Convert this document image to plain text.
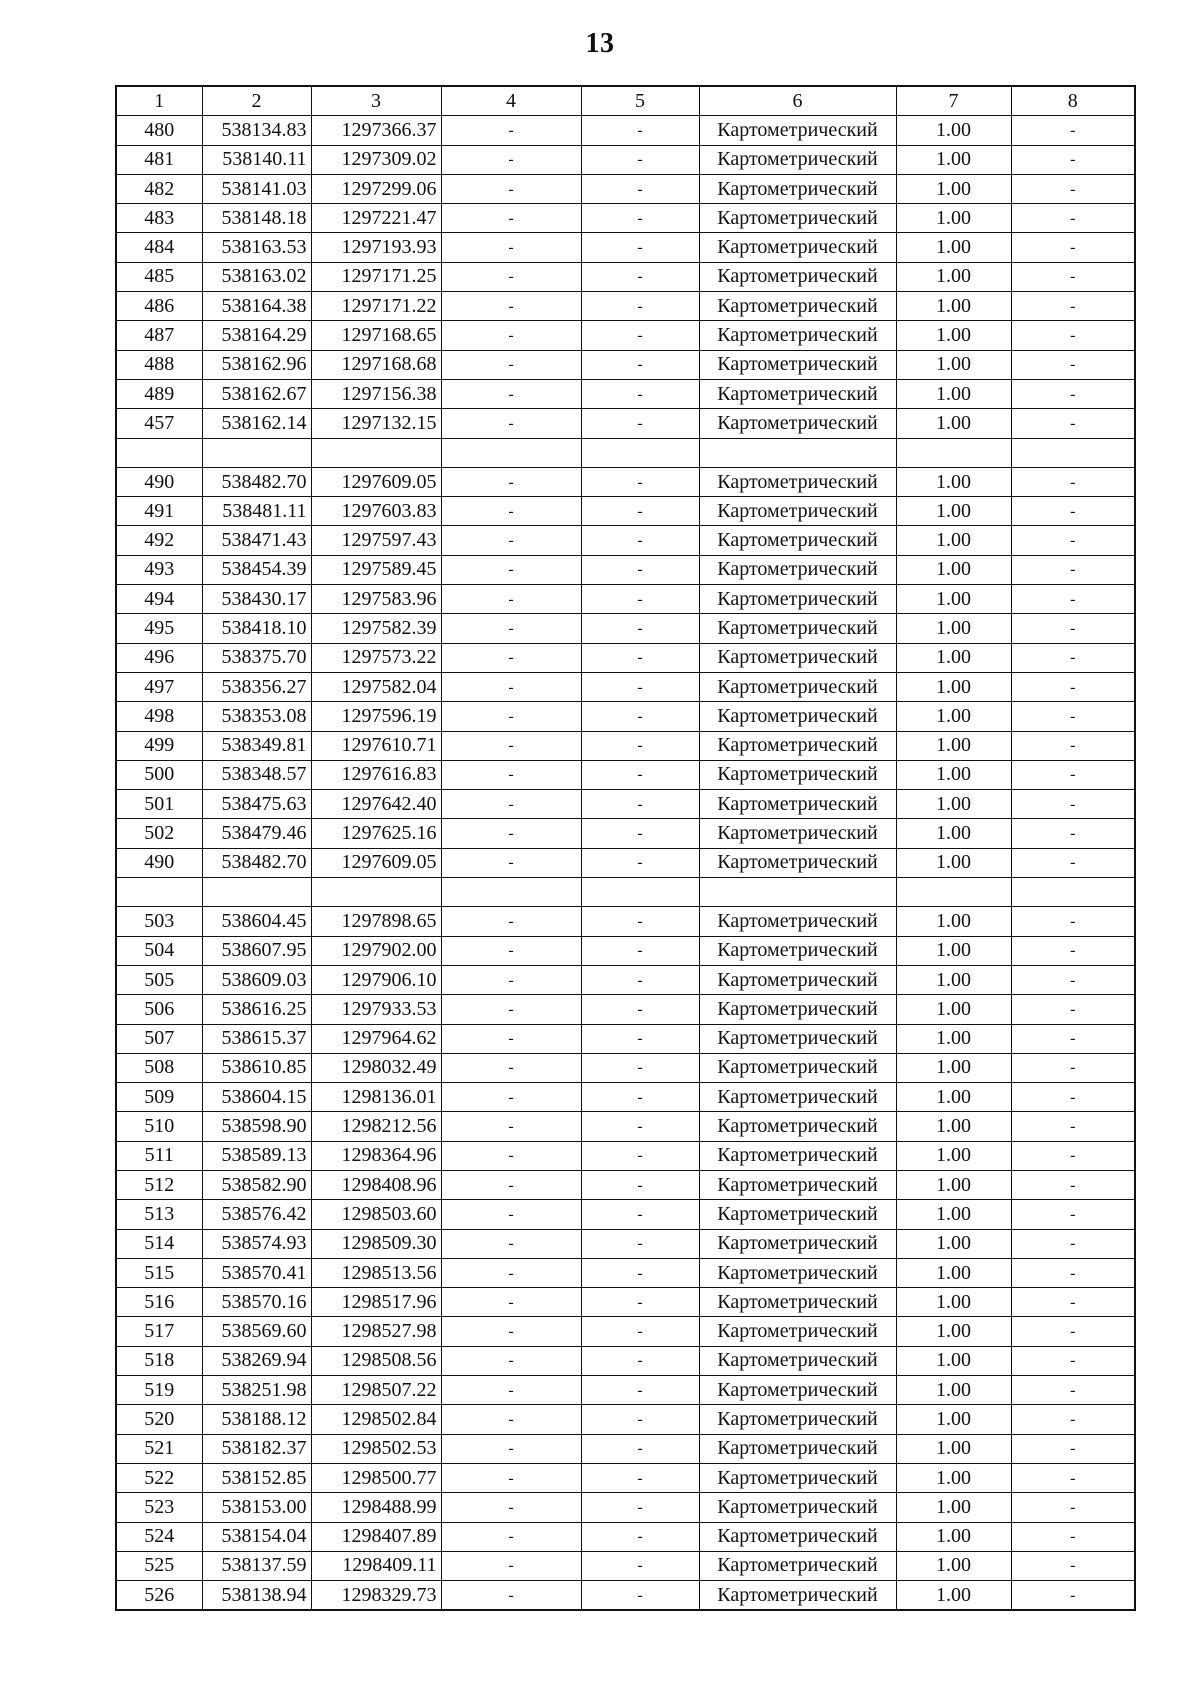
13
1	2	3	4	5	6	7	8
480	538134.83	1297366.37	-	-	Картометрический	1.00	-
481	538140.11	1297309.02	-	-	Картометрический	1.00	-
482	538141.03	1297299.06	-	-	Картометрический	1.00	-
483	538148.18	1297221.47	-	-	Картометрический	1.00	-
484	538163.53	1297193.93	-	-	Картометрический	1.00	-
485	538163.02	1297171.25	-	-	Картометрический	1.00	-
486	538164.38	1297171.22	-	-	Картометрический	1.00	-
487	538164.29	1297168.65	-	-	Картометрический	1.00	-
488	538162.96	1297168.68	-	-	Картометрический	1.00	-
489	538162.67	1297156.38	-	-	Картометрический	1.00	-
457	538162.14	1297132.15	-	-	Картометрический	1.00	-

490	538482.70	1297609.05	-	-	Картометрический	1.00	-
491	538481.11	1297603.83	-	-	Картометрический	1.00	-
492	538471.43	1297597.43	-	-	Картометрический	1.00	-
493	538454.39	1297589.45	-	-	Картометрический	1.00	-
494	538430.17	1297583.96	-	-	Картометрический	1.00	-
495	538418.10	1297582.39	-	-	Картометрический	1.00	-
496	538375.70	1297573.22	-	-	Картометрический	1.00	-
497	538356.27	1297582.04	-	-	Картометрический	1.00	-
498	538353.08	1297596.19	-	-	Картометрический	1.00	-
499	538349.81	1297610.71	-	-	Картометрический	1.00	-
500	538348.57	1297616.83	-	-	Картометрический	1.00	-
501	538475.63	1297642.40	-	-	Картометрический	1.00	-
502	538479.46	1297625.16	-	-	Картометрический	1.00	-
490	538482.70	1297609.05	-	-	Картометрический	1.00	-

503	538604.45	1297898.65	-	-	Картометрический	1.00	-
504	538607.95	1297902.00	-	-	Картометрический	1.00	-
505	538609.03	1297906.10	-	-	Картометрический	1.00	-
506	538616.25	1297933.53	-	-	Картометрический	1.00	-
507	538615.37	1297964.62	-	-	Картометрический	1.00	-
508	538610.85	1298032.49	-	-	Картометрический	1.00	-
509	538604.15	1298136.01	-	-	Картометрический	1.00	-
510	538598.90	1298212.56	-	-	Картометрический	1.00	-
511	538589.13	1298364.96	-	-	Картометрический	1.00	-
512	538582.90	1298408.96	-	-	Картометрический	1.00	-
513	538576.42	1298503.60	-	-	Картометрический	1.00	-
514	538574.93	1298509.30	-	-	Картометрический	1.00	-
515	538570.41	1298513.56	-	-	Картометрический	1.00	-
516	538570.16	1298517.96	-	-	Картометрический	1.00	-
517	538569.60	1298527.98	-	-	Картометрический	1.00	-
518	538269.94	1298508.56	-	-	Картометрический	1.00	-
519	538251.98	1298507.22	-	-	Картометрический	1.00	-
520	538188.12	1298502.84	-	-	Картометрический	1.00	-
521	538182.37	1298502.53	-	-	Картометрический	1.00	-
522	538152.85	1298500.77	-	-	Картометрический	1.00	-
523	538153.00	1298488.99	-	-	Картометрический	1.00	-
524	538154.04	1298407.89	-	-	Картометрический	1.00	-
525	538137.59	1298409.11	-	-	Картометрический	1.00	-
526	538138.94	1298329.73	-	-	Картометрический	1.00	-
